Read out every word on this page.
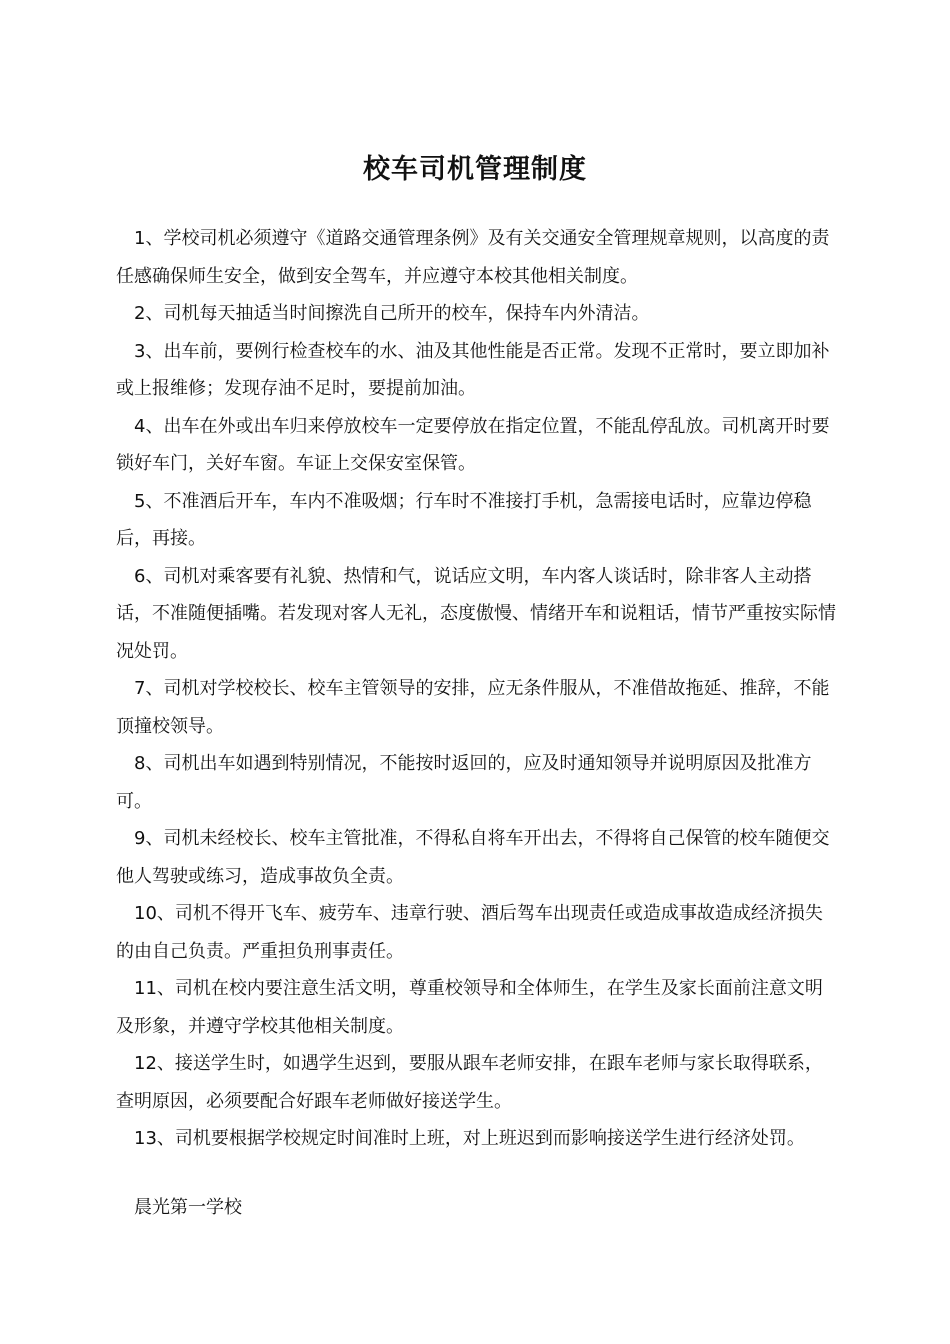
校车司机管理制度

1、学校司机必须遵守《道路交通管理条例》及有关交通安全管理规章规则，以高度的责任感确保师生安全，做到安全驾车，并应遵守本校其他相关制度。

2、司机每天抽适当时间擦洗自己所开的校车，保持车内外清洁。

3、出车前，要例行检查校车的水、油及其他性能是否正常。发现不正常时，要立即加补或上报维修；发现存油不足时，要提前加油。

4、出车在外或出车归来停放校车一定要停放在指定位置，不能乱停乱放。司机离开时要锁好车门，关好车窗。车证上交保安室保管。

5、不准酒后开车，车内不准吸烟；行车时不准接打手机，急需接电话时，应靠边停稳后，再接。

6、司机对乘客要有礼貌、热情和气，说话应文明，车内客人谈话时，除非客人主动搭话，不准随便插嘴。若发现对客人无礼，态度傲慢、情绪开车和说粗话，情节严重按实际情况处罚。

7、司机对学校校长、校车主管领导的安排，应无条件服从，不准借故拖延、推辞，不能顶撞校领导。

8、司机出车如遇到特别情况，不能按时返回的，应及时通知领导并说明原因及批准方可。

9、司机未经校长、校车主管批准，不得私自将车开出去，不得将自己保管的校车随便交他人驾驶或练习，造成事故负全责。

10、司机不得开飞车、疲劳车、违章行驶、酒后驾车出现责任或造成事故造成经济损失的由自己负责。严重担负刑事责任。

11、司机在校内要注意生活文明，尊重校领导和全体师生，在学生及家长面前注意文明及形象，并遵守学校其他相关制度。

12、接送学生时，如遇学生迟到，要服从跟车老师安排，在跟车老师与家长取得联系，查明原因，必须要配合好跟车老师做好接送学生。

13、司机要根据学校规定时间准时上班，对上班迟到而影响接送学生进行经济处罚。

晨光第一学校
